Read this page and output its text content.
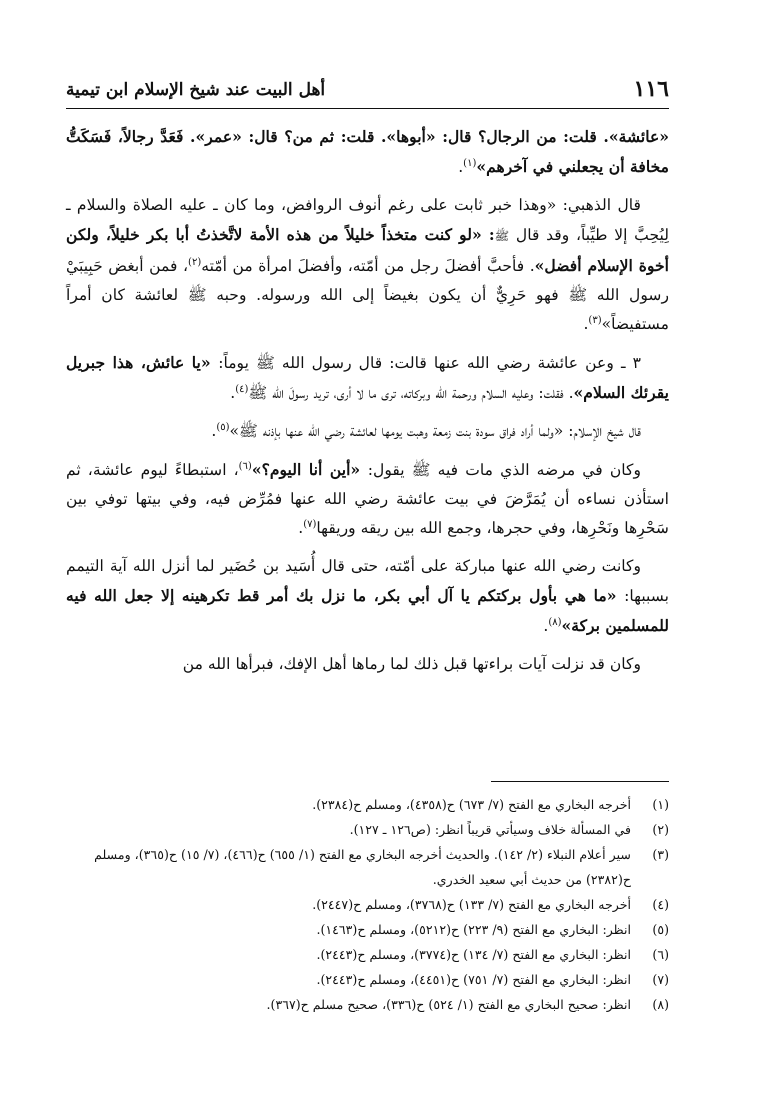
١١٦
أهل البيت عند شيخ الإسلام ابن تيمية

«عائشة». قلت: من الرجال؟ قال: «أبوها». قلت: ثم من؟ قال: «عمر». فَعَدَّ رجالاً، فَسَكَتُّ مخافة أن يجعلني في آخرهم»$^{(١)}$.

قال الذهبي: «وهذا خبر ثابت على رغم أنوف الروافض، وما كان ـ عليه الصلاة والسلام ـ لِيُحِبَّ إلا طيِّباً، وقد قال ﷺ: «لو كنت متخذاً خليلاً من هذه الأمة لاتَّخذتُ أبا بكر خليلاً، ولكن أخوة الإسلام أفضل». فأحبَّ أفضلَ رجل من أمّته، وأفضلَ امرأة من أمّته$^{(٢)}$، فمن أبغض حَبِيبَيْ رسول الله ﷺ فهو حَرِيٌّ أن يكون بغيضاً إلى الله ورسوله. وحبه ﷺ لعائشة كان أمراً مستفيضاً»$^{(٣)}$.

٣ ـ وعن عائشة رضي الله عنها قالت: قال رسول الله ﷺ يوماً: «يا عائش، هذا جبريل يقرئك السلام». فقلت: وعليه السلام ورحمة الله وبركاته، ترى ما لا أرى، تريد رسولَ الله ﷺ$^{(٤)}$.

قال شيخ الإسلام: «ولما أراد فراق سودة بنت زمعة وهبت يومها لعائشة رضي الله عنها بإذنه ﷺ»$^{(٥)}$.

وكان في مرضه الذي مات فيه ﷺ يقول: «أين أنا اليوم؟»$^{(٦)}$، استبطاءً ليوم عائشة، ثم استأذن نساءه أن يُمَرَّضَ في بيت عائشة رضي الله عنها فمُرِّض فيه، وفي بيتها توفي بين سَحْرِها ونَحْرِها، وفي حجرها، وجمع الله بين ريقه وريقها$^{(٧)}$.

وكانت رضي الله عنها مباركة على أمّته، حتى قال أُسَيد بن حُضَير لما أنزل الله آية التيمم بسببها: «ما هي بأول بركتكم يا آل أبي بكر، ما نزل بك أمر قط تكرهينه إلا جعل الله فيه للمسلمين بركة»$^{(٨)}$.

وكان قد نزلت آيات براءتها قبل ذلك لما رماها أهل الإفك، فبرأها الله من

(١)
أخرجه البخاري مع الفتح (٧/ ٦٧٣) ح(٤٣٥٨)، ومسلم ح(٢٣٨٤).
(٢)
في المسألة خلاف وسيأتي قريباً انظر: (ص١٢٦ ـ ١٢٧).
(٣)
سير أعلام النبلاء (٢/ ١٤٢). والحديث أخرجه البخاري مع الفتح (١/ ٦٥٥) ح(٤٦٦)، (٧/ ١٥) ح(٣٦٥)، ومسلم ح(٢٣٨٢) من حديث أبي سعيد الخدري.
(٤)
أخرجه البخاري مع الفتح (٧/ ١٣٣) ح(٣٧٦٨)، ومسلم ح(٢٤٤٧).
(٥)
انظر: البخاري مع الفتح (٩/ ٢٢٣) ح(٥٢١٢)، ومسلم ح(١٤٦٣).
(٦)
انظر: البخاري مع الفتح (٧/ ١٣٤) ح(٣٧٧٤)، ومسلم ح(٢٤٤٣).
(٧)
انظر: البخاري مع الفتح (٧/ ٧٥١) ح(٤٤٥١)، ومسلم ح(٢٤٤٣).
(٨)
انظر: صحيح البخاري مع الفتح (١/ ٥٢٤) ح(٣٣٦)، صحيح مسلم ح(٣٦٧).
